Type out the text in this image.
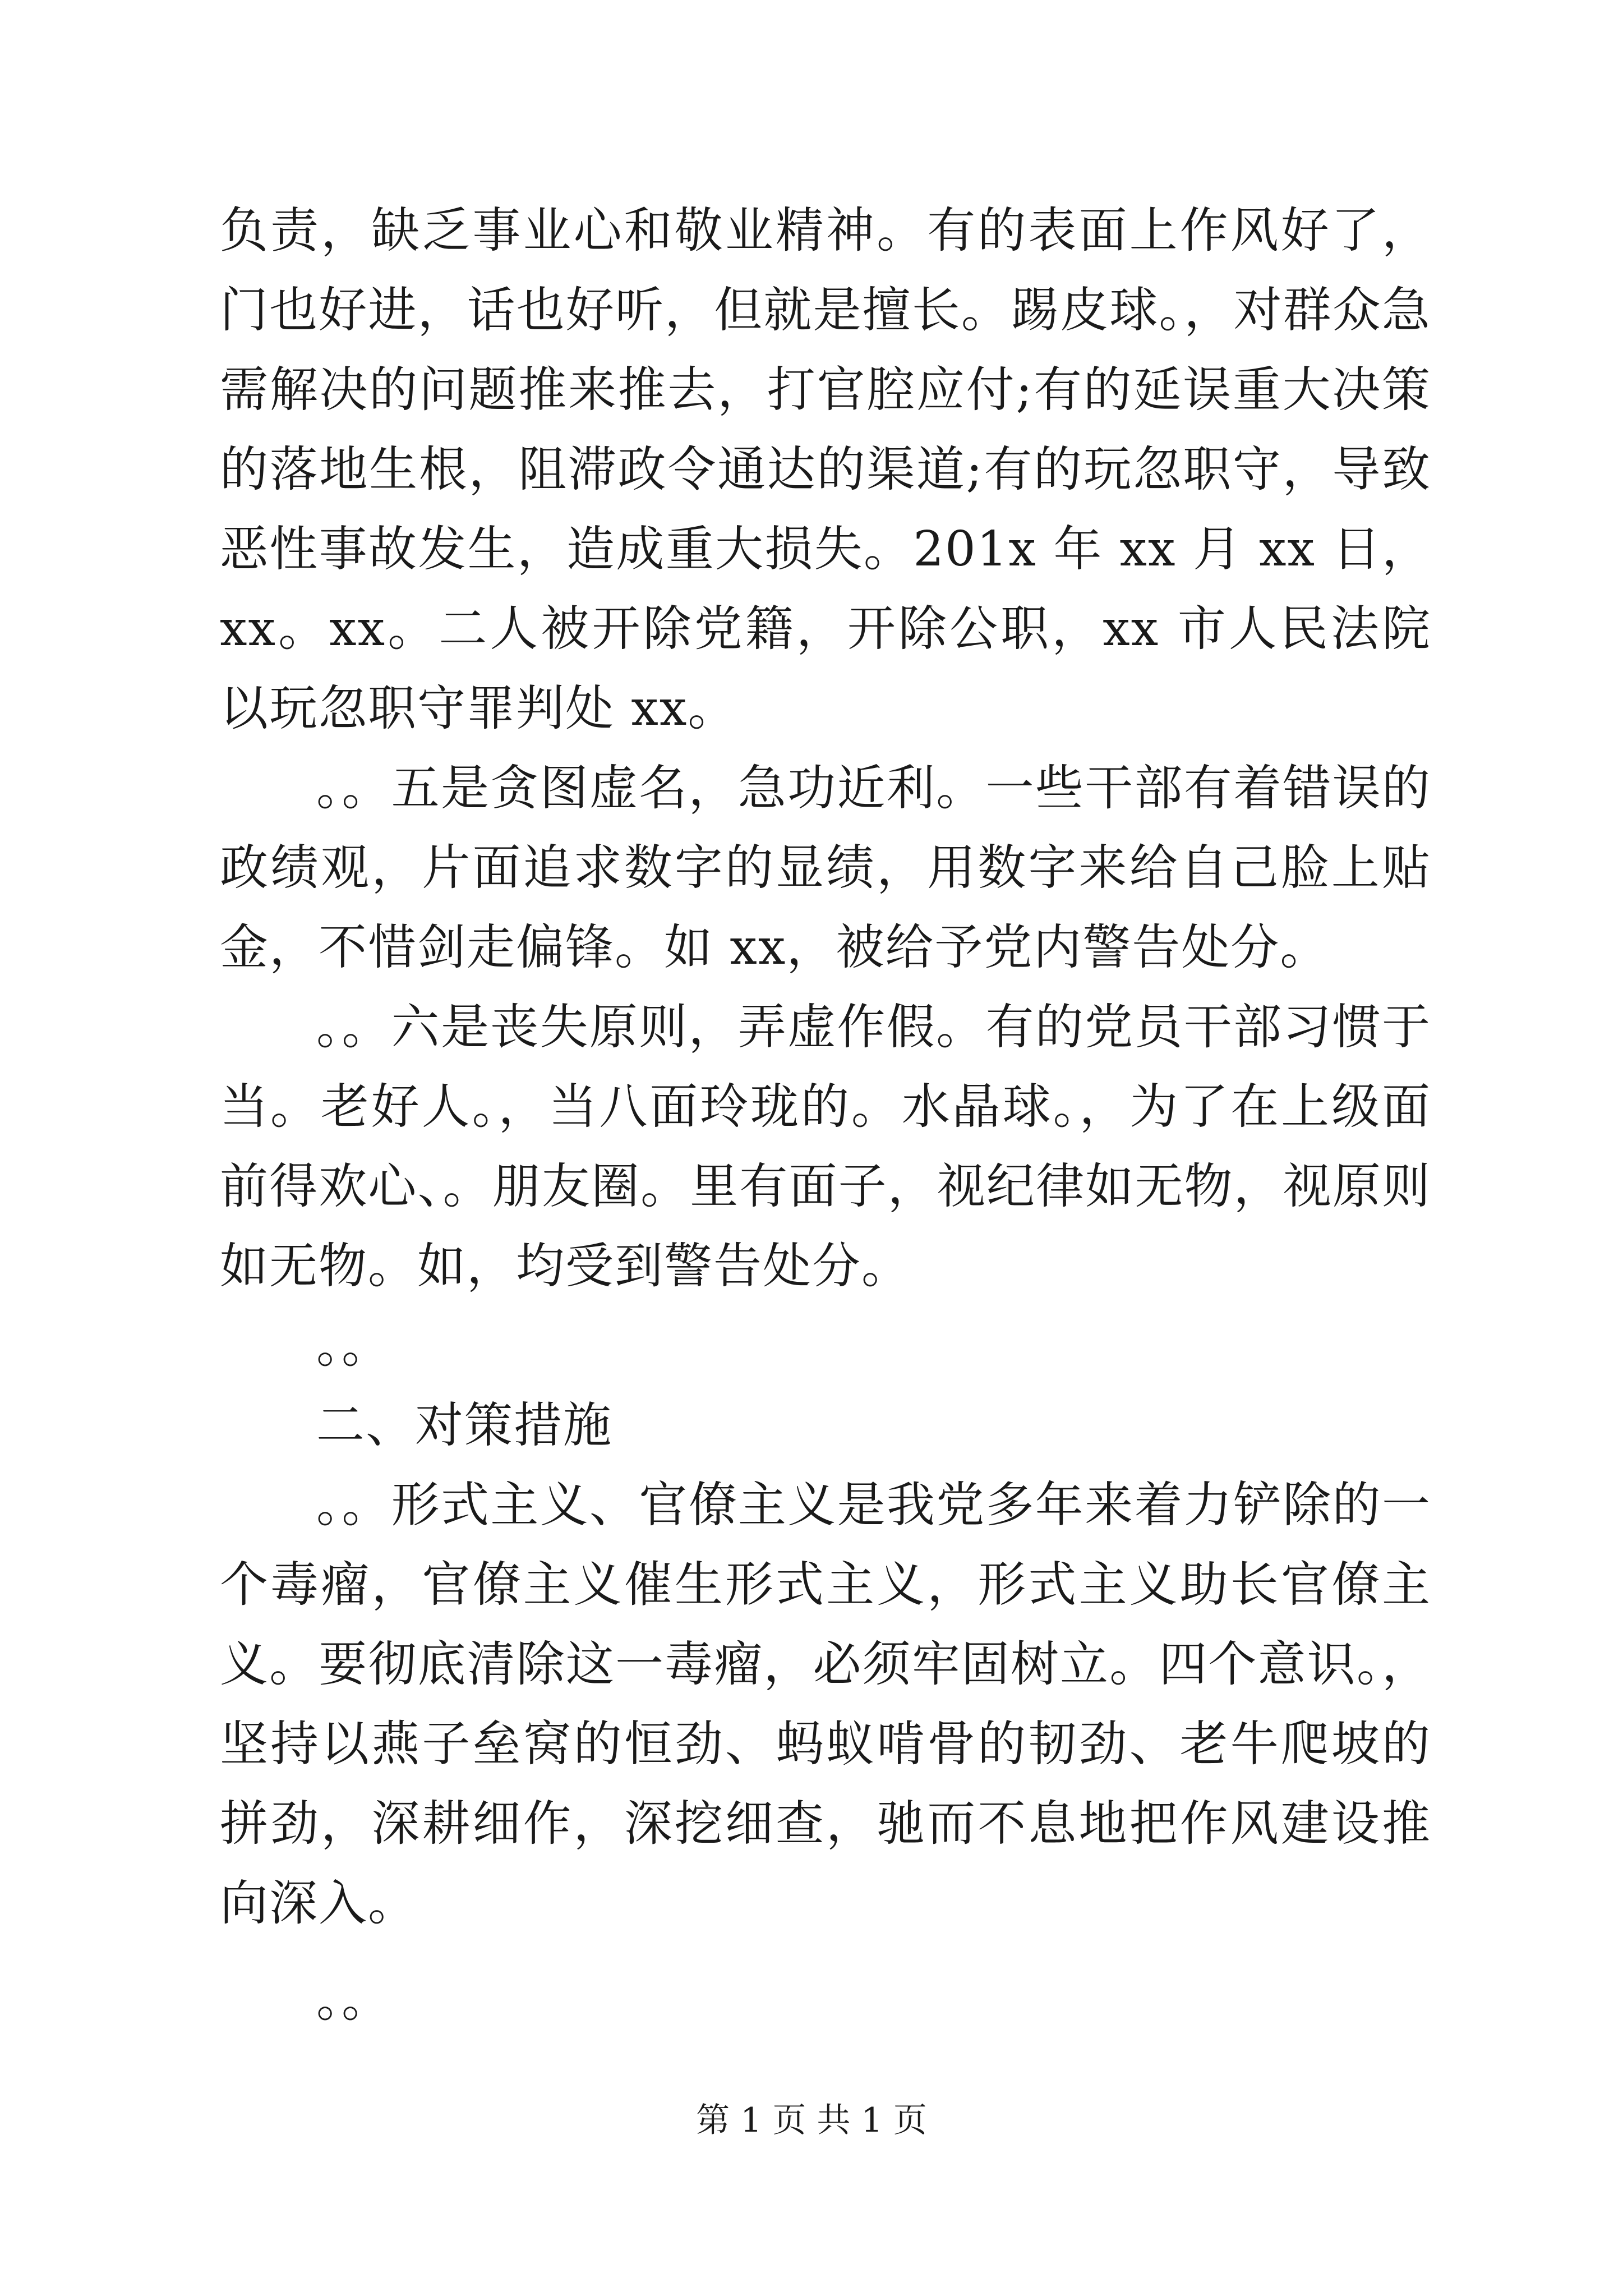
负责，缺乏事业心和敬业精神。有的表面上作风好了，门也好进，话也好听，但就是擅长。踢皮球。，对群众急需解决的问题推来推去，打官腔应付;有的延误重大决策的落地生根，阻滞政令通达的渠道;有的玩忽职守，导致恶性事故发生，造成重大损失。201x 年 xx 月 xx 日，xx。xx。二人被开除党籍，开除公职，xx 市人民法院以玩忽职守罪判处 xx。

。。五是贪图虚名，急功近利。一些干部有着错误的政绩观，片面追求数字的显绩，用数字来给自己脸上贴金，不惜剑走偏锋。如 xx，被给予党内警告处分。

。。六是丧失原则，弄虚作假。有的党员干部习惯于当。老好人。，当八面玲珑的。水晶球。，为了在上级面前得欢心、。朋友圈。里有面子，视纪律如无物，视原则如无物。如，均受到警告处分。

。。

二、对策措施

。。形式主义、官僚主义是我党多年来着力铲除的一个毒瘤，官僚主义催生形式主义，形式主义助长官僚主义。要彻底清除这一毒瘤，必须牢固树立。四个意识。，坚持以燕子垒窝的恒劲、蚂蚁啃骨的韧劲、老牛爬坡的拼劲，深耕细作，深挖细查，驰而不息地把作风建设推向深入。

。。

第 1 页 共 1 页
